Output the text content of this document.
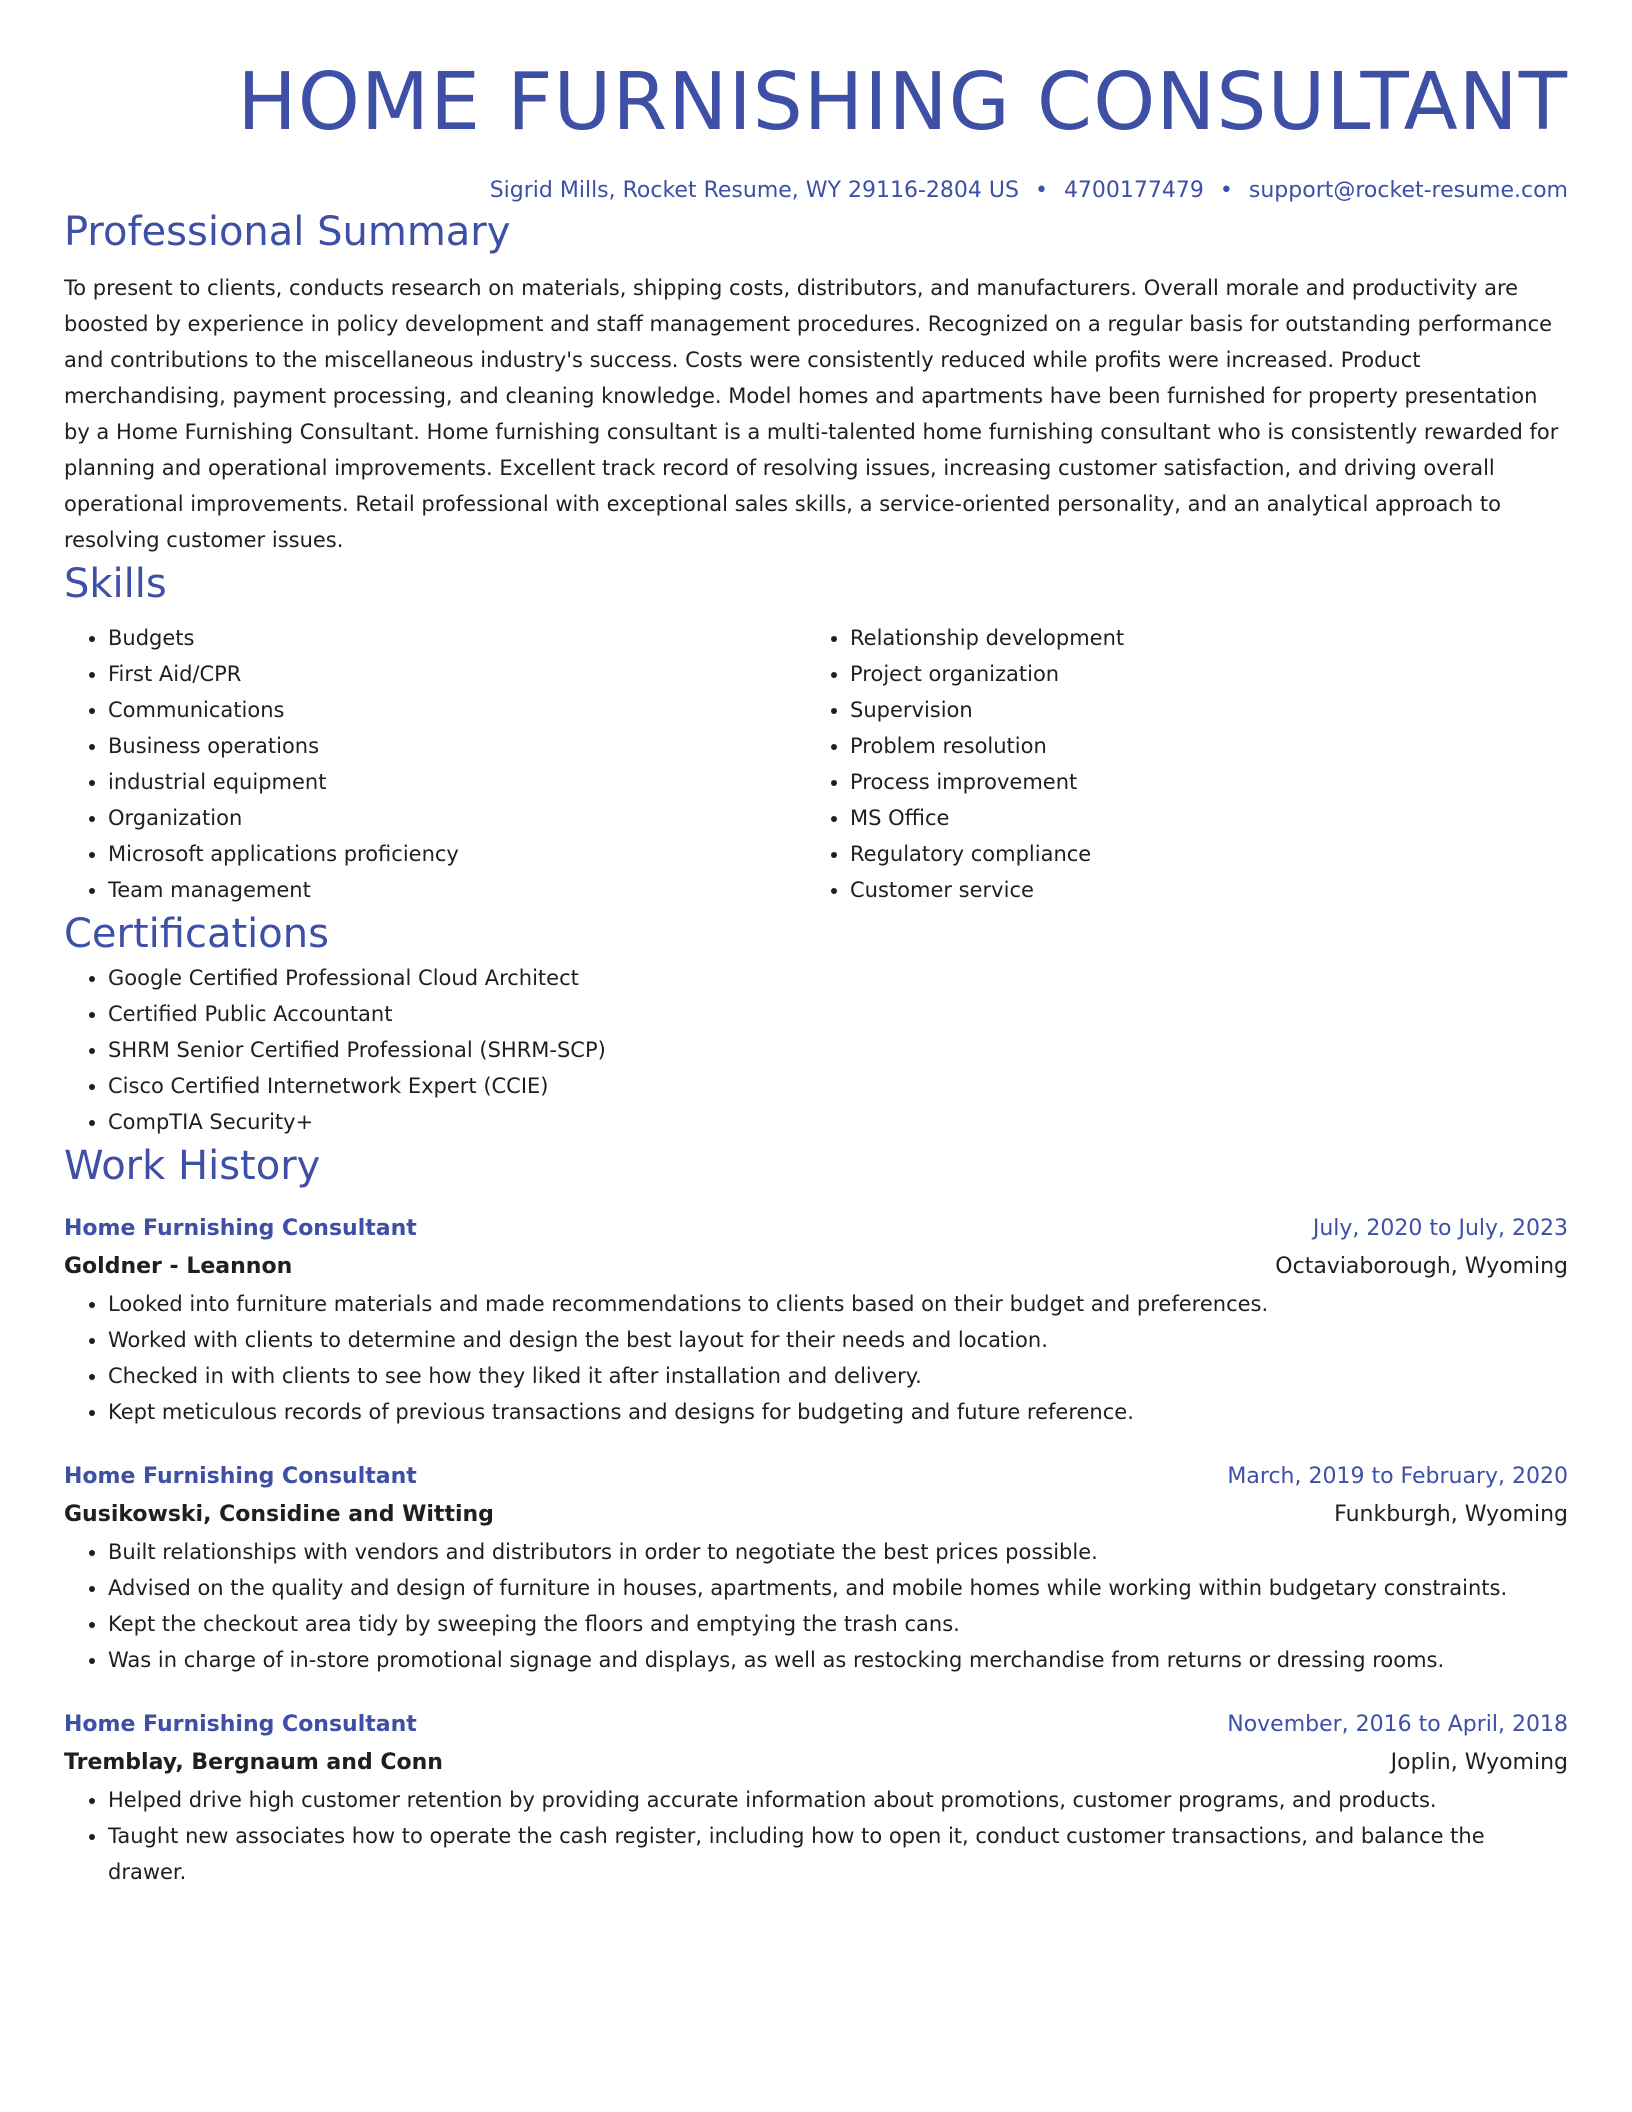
HOME FURNISHING CONSULTANT
Sigrid Mills, Rocket Resume, WY 29116-2804 US • 4700177479 • support@rocket-resume.com
Professional Summary

To present to clients, conducts research on materials, shipping costs, distributors, and manufacturers. Overall morale and productivity are boosted by experience in policy development and staff management procedures. Recognized on a regular basis for outstanding performance and contributions to the miscellaneous industry's success. Costs were consistently reduced while profits were increased. Product merchandising, payment processing, and cleaning knowledge. Model homes and apartments have been furnished for property presentation by a Home Furnishing Consultant. Home furnishing consultant is a multi-talented home furnishing consultant who is consistently rewarded for planning and operational improvements. Excellent track record of resolving issues, increasing customer satisfaction, and driving overall operational improvements. Retail professional with exceptional sales skills, a service-oriented personality, and an analytical approach to resolving customer issues.

Skills
• Budgets
• First Aid/CPR
• Communications
• Business operations
• industrial equipment
• Organization
• Microsoft applications proficiency
• Team management
• Relationship development
• Project organization
• Supervision
• Problem resolution
• Process improvement
• MS Office
• Regulatory compliance
• Customer service
Certifications
• Google Certified Professional Cloud Architect
• Certified Public Accountant
• SHRM Senior Certified Professional (SHRM-SCP)
• Cisco Certified Internetwork Expert (CCIE)
• CompTIA Security+
Work History
Home Furnishing Consultant	July, 2020 to July, 2023
Goldner - Leannon	Octaviaborough, Wyoming
• Looked into furniture materials and made recommendations to clients based on their budget and preferences.
• Worked with clients to determine and design the best layout for their needs and location.
• Checked in with clients to see how they liked it after installation and delivery.
• Kept meticulous records of previous transactions and designs for budgeting and future reference.
Home Furnishing Consultant	March, 2019 to February, 2020
Gusikowski, Considine and Witting	Funkburgh, Wyoming
• Built relationships with vendors and distributors in order to negotiate the best prices possible.
• Advised on the quality and design of furniture in houses, apartments, and mobile homes while working within budgetary constraints.
• Kept the checkout area tidy by sweeping the floors and emptying the trash cans.
• Was in charge of in-store promotional signage and displays, as well as restocking merchandise from returns or dressing rooms.
Home Furnishing Consultant	November, 2016 to April, 2018
Tremblay, Bergnaum and Conn	Joplin, Wyoming
• Helped drive high customer retention by providing accurate information about promotions, customer programs, and products.
• Taught new associates how to operate the cash register, including how to open it, conduct customer transactions, and balance the drawer.
